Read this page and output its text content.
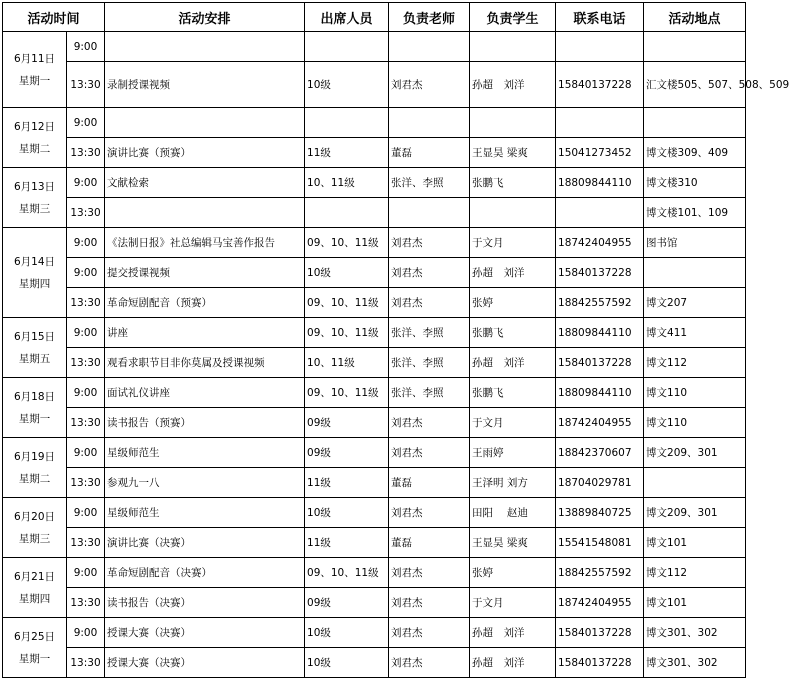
活动时间		活动安排	出席人员	负责老师	负责学生	联系电话	活动地点
6月11日
星期一	9:00						
	13:30	录制授课视频	10级	刘君杰	孙超　刘洋	15840137228	汇文楼505、507、508、509
6月12日
星期二	9:00						
	13:30	演讲比赛（预赛）	11级	董磊	王显昊 梁爽	15041273452	博文楼309、409
6月13日
星期三	9:00	文献检索	10、11级	张洋、李照	张鹏飞	18809844110	博文楼310
	13:30						博文楼101、109
6月14日
星期四	9:00	《法制日报》社总编辑马宝善作报告	09、10、11级	刘君杰	于文月	18742404955	图书馆
	9:00	提交授课视频	10级	刘君杰	孙超　刘洋	15840137228	
	13:30	革命短剧配音（预赛）	09、10、11级	刘君杰	张婷	18842557592	博文207
6月15日
星期五	9:00	讲座	09、10、11级	张洋、李照	张鹏飞	18809844110	博文411
	13:30	观看求职节目非你莫属及授课视频	10、11级	张洋、李照	孙超　刘洋	15840137228	博文112
6月18日
星期一	9:00	面试礼仪讲座	09、10、11级	张洋、李照	张鹏飞	18809844110	博文110
	13:30	读书报告（预赛）	09级	刘君杰	于文月	18742404955	博文110
6月19日
星期二	9:00	星级师范生	09级	刘君杰	王雨婷	18842370607	博文209、301
	13:30	参观九一八	11级	董磊	王泽明 刘方	18704029781	
6月20日
星期三	9:00	星级师范生	10级	刘君杰	田阳　 赵迪	13889840725	博文209、301
	13:30	演讲比赛（决赛）	11级	董磊	王显昊 梁爽	15541548081	博文101
6月21日
星期四	9:00	革命短剧配音（决赛）	09、10、11级	刘君杰	张婷	18842557592	博文112
	13:30	读书报告（决赛）	09级	刘君杰	于文月	18742404955	博文101
6月25日
星期一	9:00	授课大赛（决赛）	10级	刘君杰	孙超　刘洋	15840137228	博文301、302
	13:30	授课大赛（决赛）	10级	刘君杰	孙超　刘洋	15840137228	博文301、302
